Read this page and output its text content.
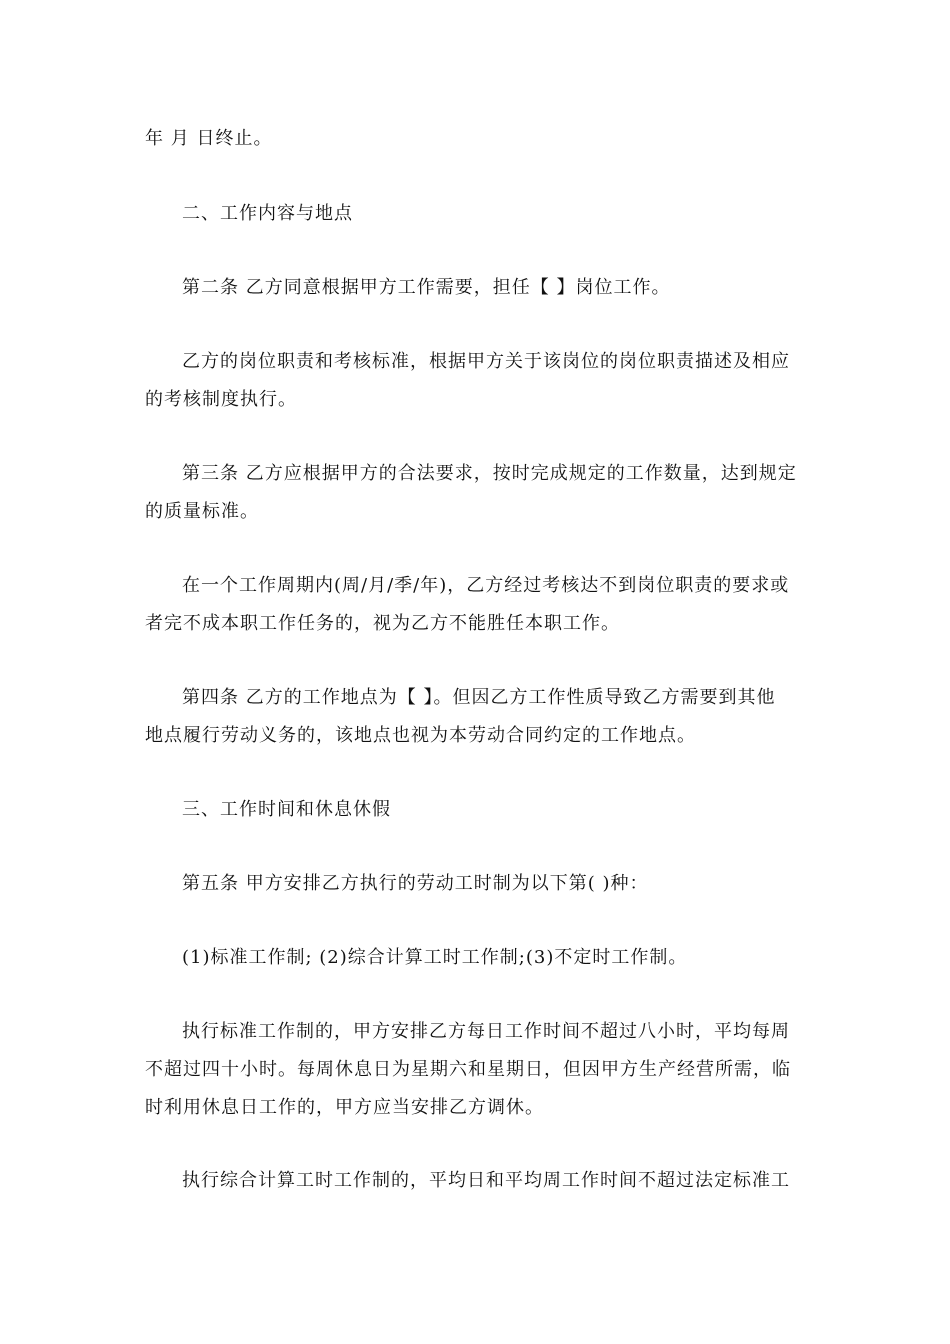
年 月 日终止。
二、工作内容与地点
第二条 乙方同意根据甲方工作需要，担任【 】岗位工作。
乙方的岗位职责和考核标准，根据甲方关于该岗位的岗位职责描述及相应
的考核制度执行。
第三条 乙方应根据甲方的合法要求，按时完成规定的工作数量，达到规定
的质量标准。
在一个工作周期内(周/月/季/年)，乙方经过考核达不到岗位职责的要求或
者完不成本职工作任务的，视为乙方不能胜任本职工作。
第四条 乙方的工作地点为【 】。但因乙方工作性质导致乙方需要到其他
地点履行劳动义务的，该地点也视为本劳动合同约定的工作地点。
三、工作时间和休息休假
第五条 甲方安排乙方执行的劳动工时制为以下第( )种：
(1)标准工作制; (2)综合计算工时工作制;(3)不定时工作制。
执行标准工作制的，甲方安排乙方每日工作时间不超过八小时，平均每周
不超过四十小时。每周休息日为星期六和星期日，但因甲方生产经营所需，临
时利用休息日工作的，甲方应当安排乙方调休。
执行综合计算工时工作制的，平均日和平均周工作时间不超过法定标准工
